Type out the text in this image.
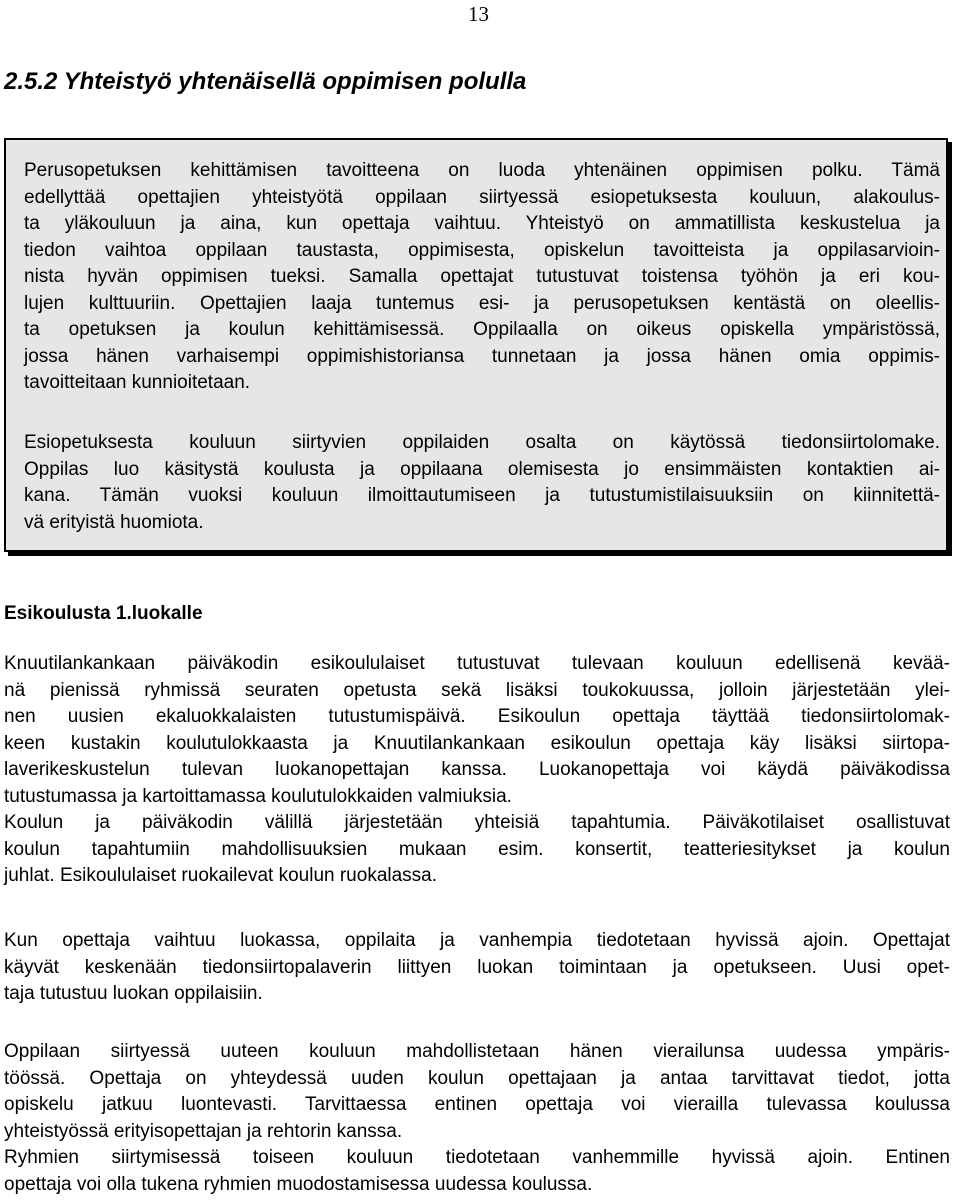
13
2.5.2 Yhteistyö yhtenäisellä oppimisen polulla
Perusopetuksen kehittämisen tavoitteena on luoda yhtenäinen oppimisen polku. Tämä
edellyttää opettajien yhteistyötä oppilaan siirtyessä esiopetuksesta kouluun, alakoulus-
ta yläkouluun ja aina, kun opettaja vaihtuu. Yhteistyö on ammatillista keskustelua ja
tiedon vaihtoa oppilaan taustasta, oppimisesta, opiskelun tavoitteista ja oppilasarvioin-
nista hyvän oppimisen tueksi. Samalla opettajat tutustuvat toistensa työhön ja eri kou-
lujen kulttuuriin. Opettajien laaja tuntemus esi- ja perusopetuksen kentästä on oleellis-
ta opetuksen ja koulun kehittämisessä. Oppilaalla on oikeus opiskella ympäristössä,
jossa hänen varhaisempi oppimishistoriansa tunnetaan ja jossa hänen omia oppimis-
tavoitteitaan kunnioitetaan.
Esiopetuksesta kouluun siirtyvien oppilaiden osalta on käytössä tiedonsiirtolomake.
Oppilas luo käsitystä koulusta ja oppilaana olemisesta jo ensimmäisten kontaktien ai-
kana. Tämän vuoksi kouluun ilmoittautumiseen ja tutustumistilaisuuksiin on kiinnitettä-
vä erityistä huomiota.
Esikoulusta 1.luokalle
Knuutilankankaan päiväkodin esikoululaiset tutustuvat tulevaan kouluun edellisenä kevää-
nä pienissä ryhmissä seuraten opetusta sekä lisäksi toukokuussa, jolloin järjestetään ylei-
nen uusien ekaluokkalaisten tutustumispäivä. Esikoulun opettaja täyttää tiedonsiirtolomak-
keen kustakin koulutulokkaasta ja Knuutilankankaan esikoulun opettaja käy lisäksi siirtopa-
laverikeskustelun tulevan luokanopettajan kanssa. Luokanopettaja voi käydä päiväkodissa
tutustumassa ja kartoittamassa koulutulokkaiden valmiuksia.
Koulun ja päiväkodin välillä järjestetään yhteisiä tapahtumia. Päiväkotilaiset osallistuvat
koulun tapahtumiin mahdollisuuksien mukaan esim. konsertit, teatteriesitykset ja koulun
juhlat. Esikoululaiset ruokailevat koulun ruokalassa.
Kun opettaja vaihtuu luokassa, oppilaita ja vanhempia tiedotetaan hyvissä ajoin. Opettajat
käyvät keskenään tiedonsiirtopalaverin liittyen luokan toimintaan ja opetukseen. Uusi opet-
taja tutustuu luokan oppilaisiin.
Oppilaan siirtyessä uuteen kouluun mahdollistetaan hänen vierailunsa uudessa ympäris-
töössä. Opettaja on yhteydessä uuden koulun opettajaan ja antaa tarvittavat tiedot, jotta
opiskelu jatkuu luontevasti. Tarvittaessa entinen opettaja voi vierailla tulevassa koulussa
yhteistyössä erityisopettajan ja rehtorin kanssa.
Ryhmien siirtymisessä toiseen kouluun tiedotetaan vanhemmille hyvissä ajoin. Entinen
opettaja voi olla tukena ryhmien muodostamisessa uudessa koulussa.
